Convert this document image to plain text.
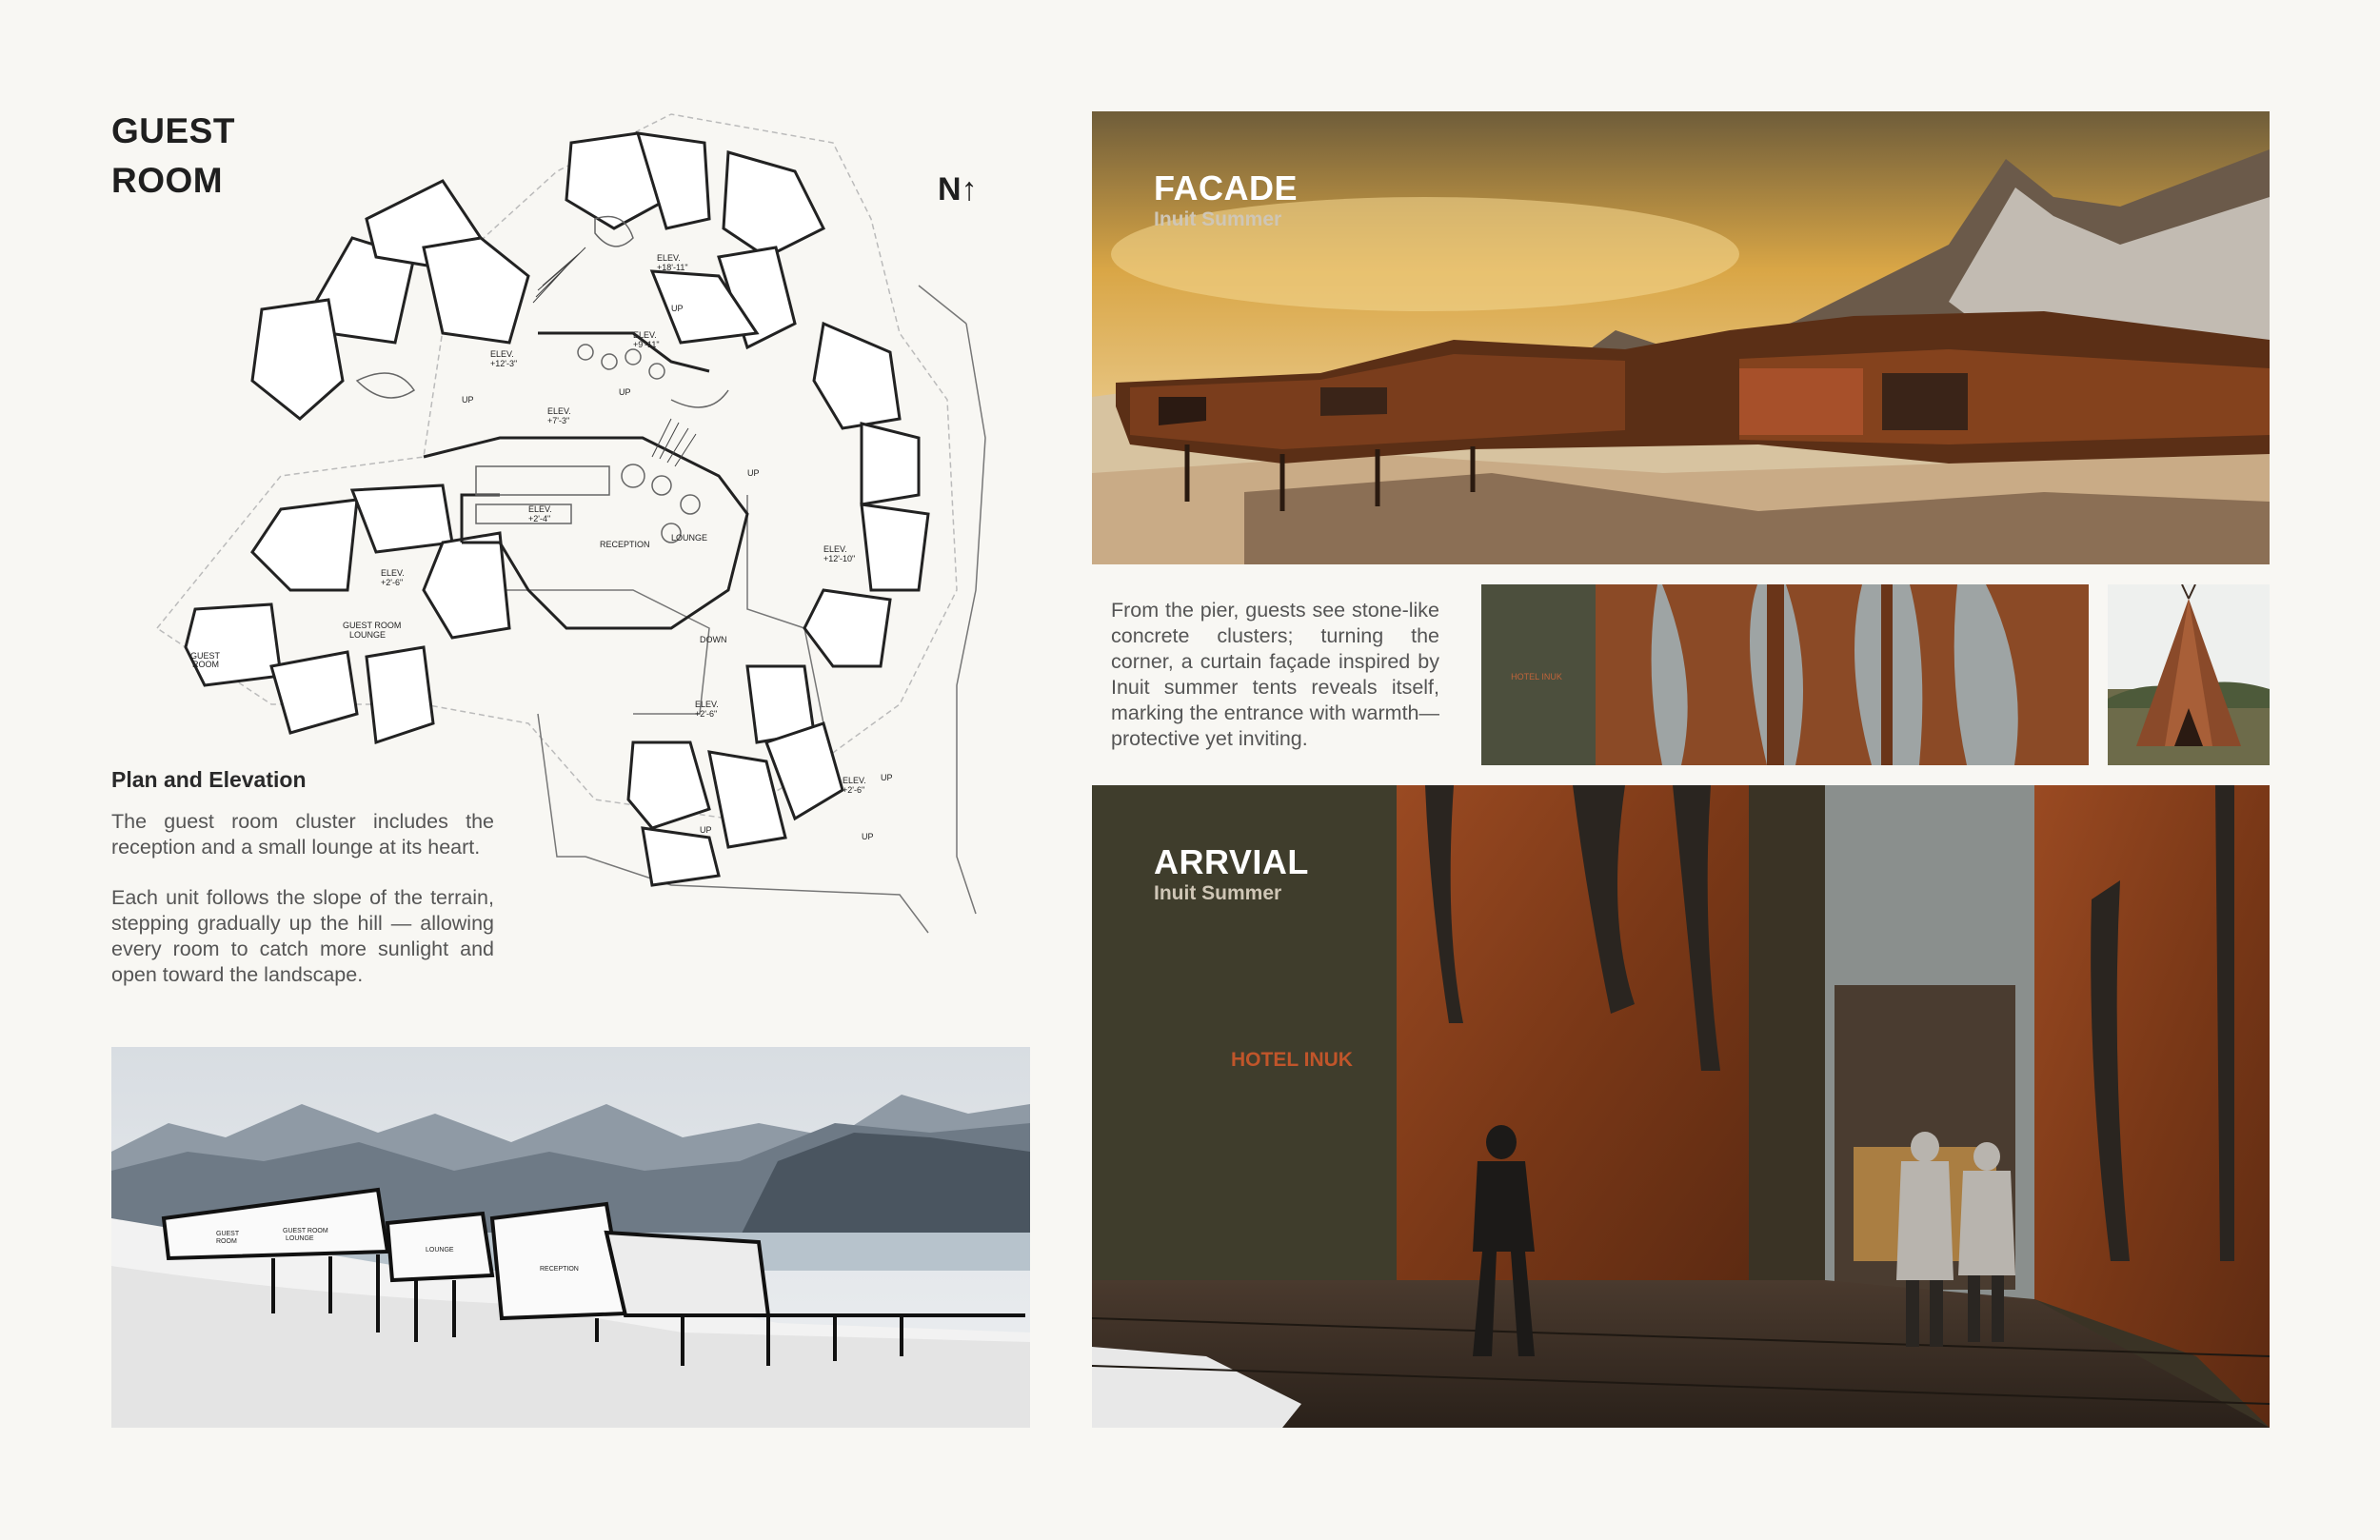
GUEST
ROOM	N↑
ELEV.
+18'-11"
ELEV.
+9'-11"
ELEV.
+12'-3"
ELEV.
+7'-3"
ELEV.
+2'-4"
ELEV.
+2'-6"
ELEV.
+12'-10"
ELEV.
+2'-6"
ELEV.
+2'-6"
RECEPTION
LOUNGE
GUEST ROOM
LOUNGE
GUEST
ROOM
UP
UP
UP
UP
UP
UP
UP
DOWN
Plan and Elevation
The guest room cluster includes the reception and a small lounge at its heart.
Each unit follows the slope of the terrain, stepping gradually up the hill — allowing every room to catch more sunlight and open toward the landscape.
GUEST
ROOM
GUEST ROOM
LOUNGE
LOUNGE
RECEPTION
FACADE
Inuit Summer
From the pier, guests see stone-like concrete clusters; turning the corner, a curtain façade inspired by Inuit summer tents reveals itself, marking the entrance with warmth—protective yet inviting.
HOTEL INUK
HOTEL INUK
ARRVIAL
Inuit Summer
